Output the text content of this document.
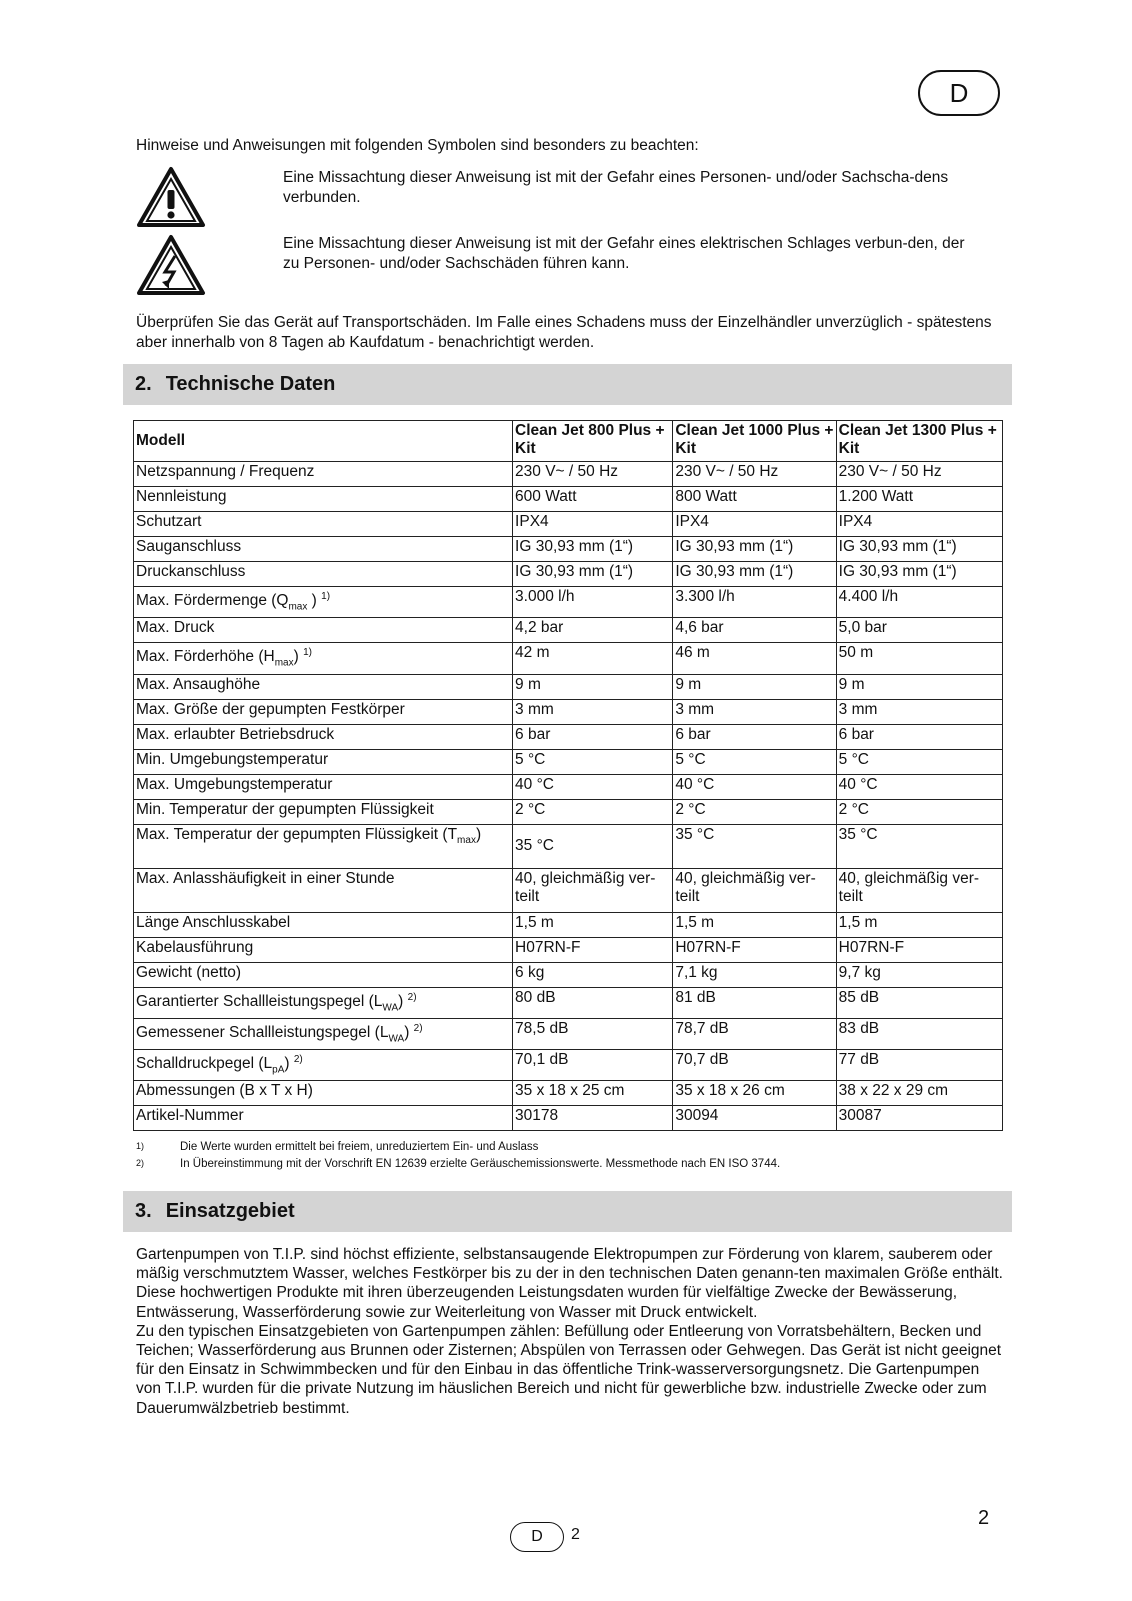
D

Hinweise und Anweisungen mit folgenden Symbolen sind besonders zu beachten:

Eine Missachtung dieser Anweisung ist mit der Gefahr eines Personen- und/oder Sachscha-dens verbunden.

Eine Missachtung dieser Anweisung ist mit der Gefahr eines elektrischen Schlages verbun-den, der zu Personen- und/oder Sachschäden führen kann.

Überprüfen Sie das Gerät auf Transportschäden. Im Falle eines Schadens muss der Einzelhändler unverzüglich - spätestens aber innerhalb von 8 Tagen ab Kaufdatum - benachrichtigt werden.

2. Technische Daten
Modell	Clean Jet 800 Plus + Kit	Clean Jet 1000 Plus + Kit	Clean Jet 1300 Plus + Kit
Netzspannung / Frequenz	230 V~ / 50 Hz	230 V~ / 50 Hz	230 V~ / 50 Hz
Nennleistung	600 Watt	800 Watt	1.200 Watt
Schutzart	IPX4	IPX4	IPX4
Sauganschluss	IG 30,93 mm (1“)	IG 30,93 mm (1“)	IG 30,93 mm (1“)
Druckanschluss	IG 30,93 mm (1“)	IG 30,93 mm (1“)	IG 30,93 mm (1“)
Max. Fördermenge ($Q_{max}$ ) $^{1)}$	3.000 l/h	3.300 l/h	4.400 l/h
Max. Druck	4,2 bar	4,6 bar	5,0 bar
Max. Förderhöhe $(H_{max})$ $^{1)}$	42 m	46 m	50 m
Max. Ansaughöhe	9 m	9 m	9 m
Max. Größe der gepumpten Festkörper	3 mm	3 mm	3 mm
Max. erlaubter Betriebsdruck	6 bar	6 bar	6 bar
Min. Umgebungstemperatur	5 °C	5 °C	5 °C
Max. Umgebungstemperatur	40 °C	40 °C	40 °C
Min. Temperatur der gepumpten Flüssigkeit	2 °C	2 °C	2 °C
Max. Temperatur der gepumpten Flüssigkeit $(T_{max})$	35 °C	35 °C	35 °C
Max. Anlasshäufigkeit in einer Stunde	40, gleichmäßig ver-teilt	40, gleichmäßig ver-teilt	40, gleichmäßig ver-teilt
Länge Anschlusskabel	1,5 m	1,5 m	1,5 m
Kabelausführung	H07RN-F	H07RN-F	H07RN-F
Gewicht (netto)	6 kg	7,1 kg	9,7 kg
Garantierter Schallleistungspegel $(L_{WA})$ $^{2)}$	80 dB	81 dB	85 dB
Gemessener Schallleistungspegel $(L_{WA})$ $^{2)}$	78,5 dB	78,7 dB	83 dB
Schalldruckpegel $(L_{pA})$ $^{2)}$	70,1 dB	70,7 dB	77 dB
Abmessungen (B x T x H)	35 x 18 x 25 cm	35 x 18 x 26 cm	38 x 22 x 29 cm
Artikel-Nummer	30178	30094	30087

1)	Die Werte wurden ermittelt bei freiem, unreduziertem Ein- und Auslass

2)	In Übereinstimmung mit der Vorschrift EN 12639 erzielte Geräuschemissionswerte. Messmethode nach EN ISO 3744.

3. Einsatzgebiet
Gartenpumpen von T.I.P. sind höchst effiziente, selbstansaugende Elektropumpen zur Förderung von klarem, sauberem oder mäßig verschmutztem Wasser, welches Festkörper bis zu der in den technischen Daten genann-ten maximalen Größe enthält. Diese hochwertigen Produkte mit ihren überzeugenden Leistungsdaten wurden für vielfältige Zwecke der Bewässerung, Entwässerung, Wasserförderung sowie zur Weiterleitung von Wasser mit Druck entwickelt.
Zu den typischen Einsatzgebieten von Gartenpumpen zählen: Befüllung oder Entleerung von Vorratsbehältern, Becken und Teichen; Wasserförderung aus Brunnen oder Zisternen; Abspülen von Terrassen oder Gehwegen. Das Gerät ist nicht geeignet für den Einsatz in Schwimmbecken und für den Einbau in das öffentliche Trink-wasserversorgungsnetz. Die Gartenpumpen von T.I.P. wurden für die private Nutzung im häuslichen Bereich und nicht für gewerbliche bzw. industrielle Zwecke oder zum Dauerumwälzbetrieb bestimmt.
D	2
2
